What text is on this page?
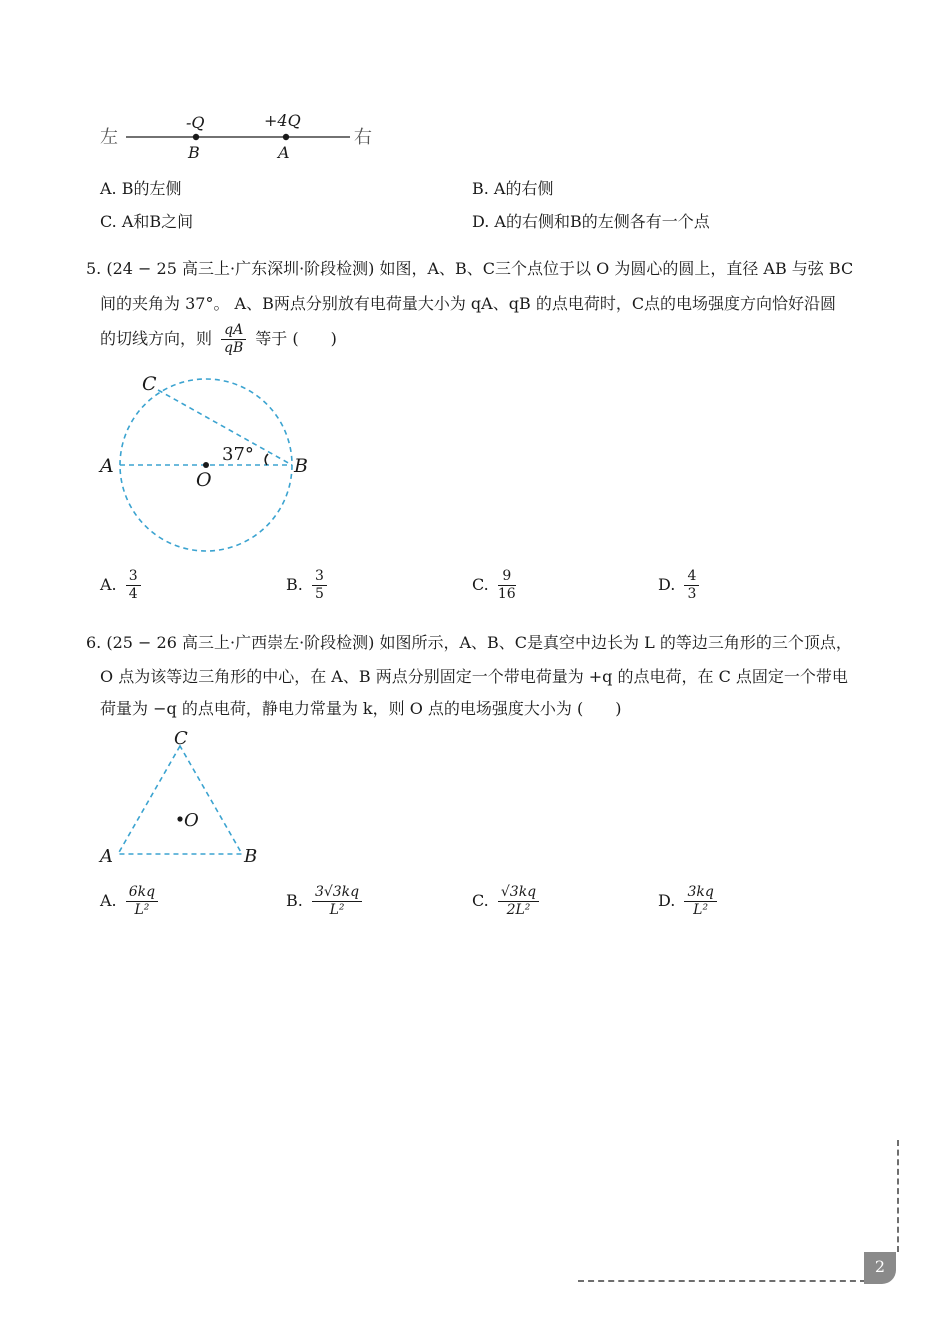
左
-Q	+4Q
B	A
右
A. B的左侧	B. A的右侧
C. A和B之间	D. A的右侧和B的左侧各有一个点
5. (24 − 25 高三上·广东深圳·阶段检测) 如图，A、B、C三个点位于以 O 为圆心的圆上，直径 AB 与弦 BC
间的夹角为 37°。 A、B两点分别放有电荷量大小为 qA、qB 的点电荷时，C点的电场强度方向恰好沿圆
的切线方向，则 $\frac{qA}{qB}$ 等于 (　　)
C
A	B
O
37°
A. $\frac{3}{4}$	B. $\frac{3}{5}$	C. $\frac{9}{16}$	D. $\frac{4}{3}$
6. (25 − 26 高三上·广西崇左·阶段检测) 如图所示，A、B、C是真空中边长为 L 的等边三角形的三个顶点，
O 点为该等边三角形的中心，在 A、B 两点分别固定一个带电荷量为 +q 的点电荷，在 C 点固定一个带电
荷量为 −q 的点电荷，静电力常量为 k，则 O 点的电场强度大小为 (　　)
C
A	B
O
A. $\frac{6kq}{\text{L²}}$	B. $\frac{3√3kq}{\text{L²}}$	C. $\frac{√3kq}{\text{2L²}}$	D. $\frac{3kq}{\text{L²}}$
2
